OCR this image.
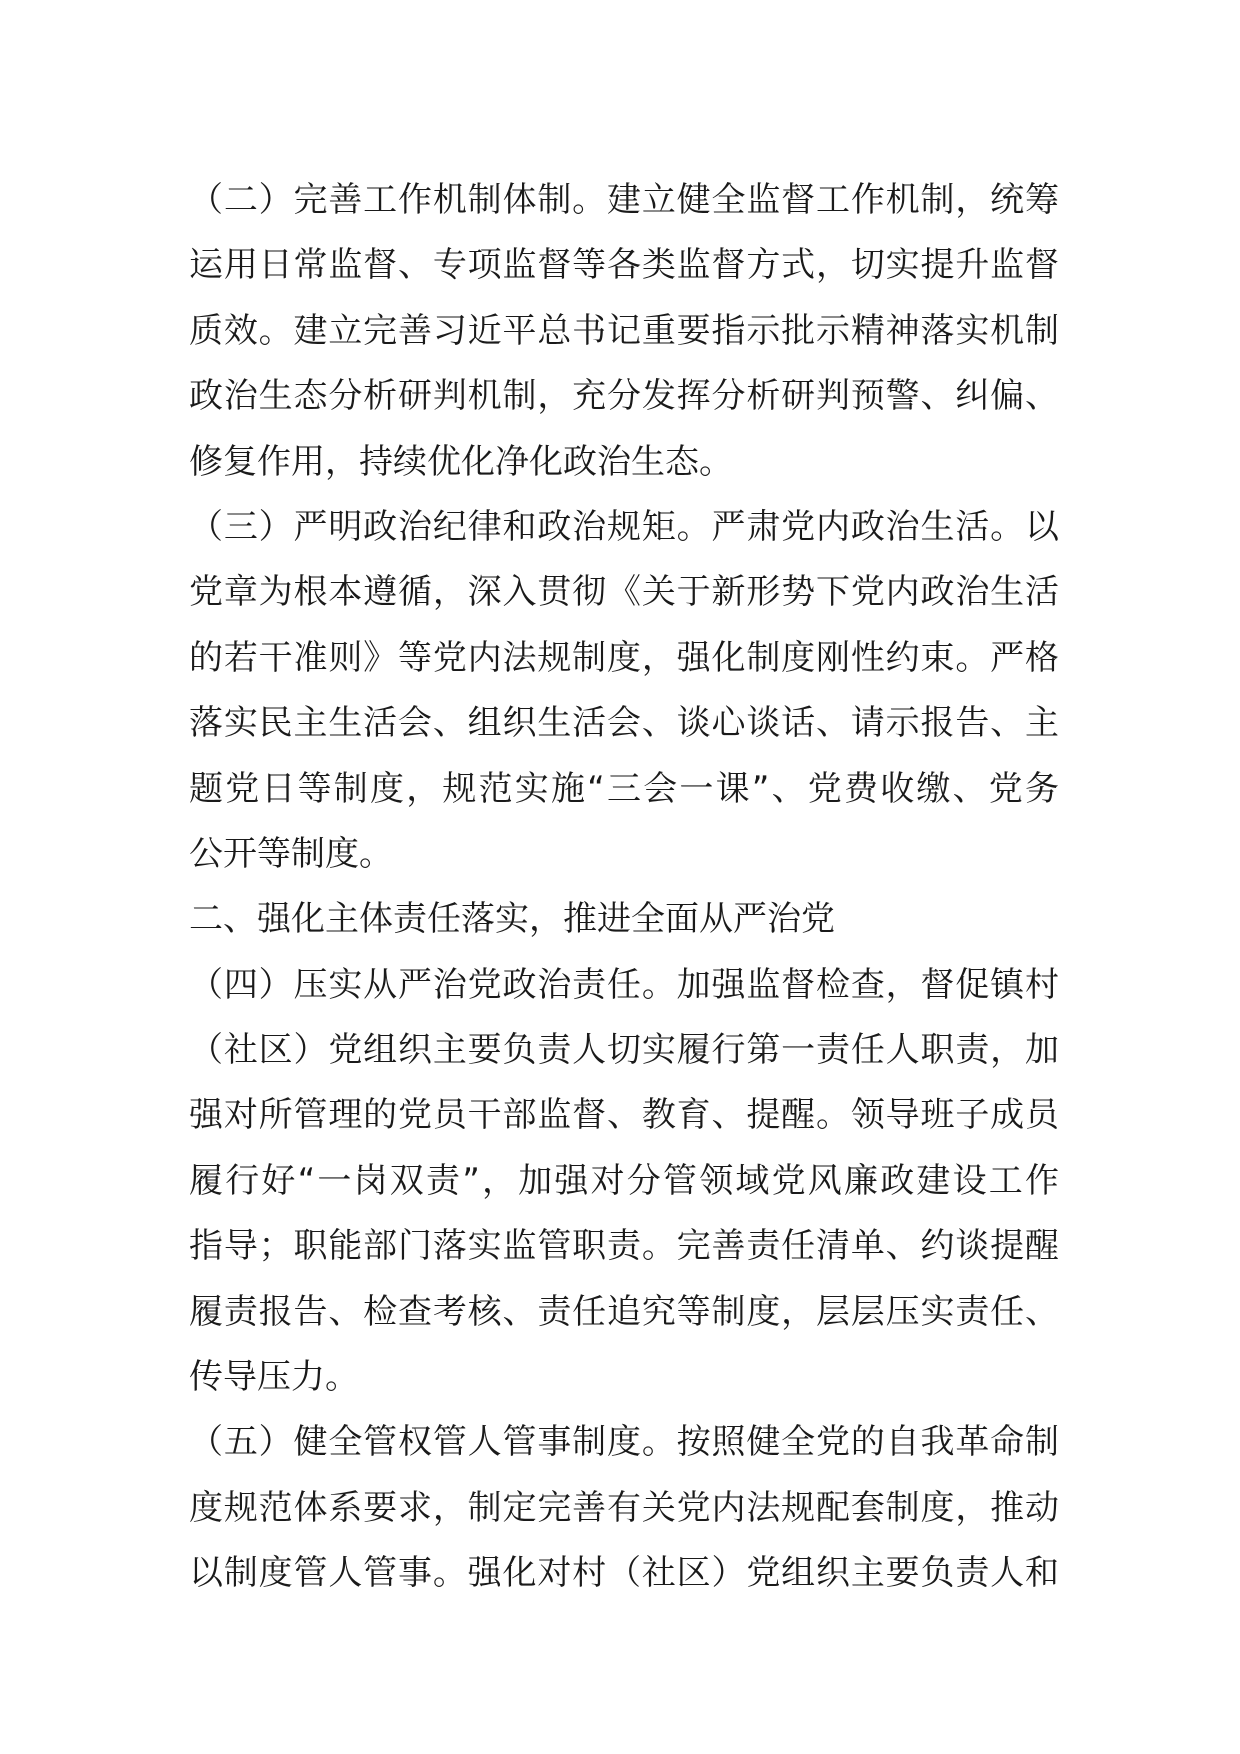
（二）完善工作机制体制。建立健全监督工作机制，统筹
运用日常监督、专项监督等各类监督方式，切实提升监督
质效。建立完善习近平总书记重要指示批示精神落实机制
政治生态分析研判机制，充分发挥分析研判预警、纠偏、
修复作用，持续优化净化政治生态。
（三）严明政治纪律和政治规矩。严肃党内政治生活。以
党章为根本遵循，深入贯彻《关于新形势下党内政治生活
的若干准则》等党内法规制度，强化制度刚性约束。严格
落实民主生活会、组织生活会、谈心谈话、请示报告、主
题党日等制度，规范实施“三会一课”、党费收缴、党务
公开等制度。
二、强化主体责任落实，推进全面从严治党
（四）压实从严治党政治责任。加强监督检查，督促镇村
（社区）党组织主要负责人切实履行第一责任人职责，加
强对所管理的党员干部监督、教育、提醒。领导班子成员
履行好“一岗双责”，加强对分管领域党风廉政建设工作
指导；职能部门落实监管职责。完善责任清单、约谈提醒
履责报告、检查考核、责任追究等制度，层层压实责任、
传导压力。
（五）健全管权管人管事制度。按照健全党的自我革命制
度规范体系要求，制定完善有关党内法规配套制度，推动
以制度管人管事。强化对村（社区）党组织主要负责人和
